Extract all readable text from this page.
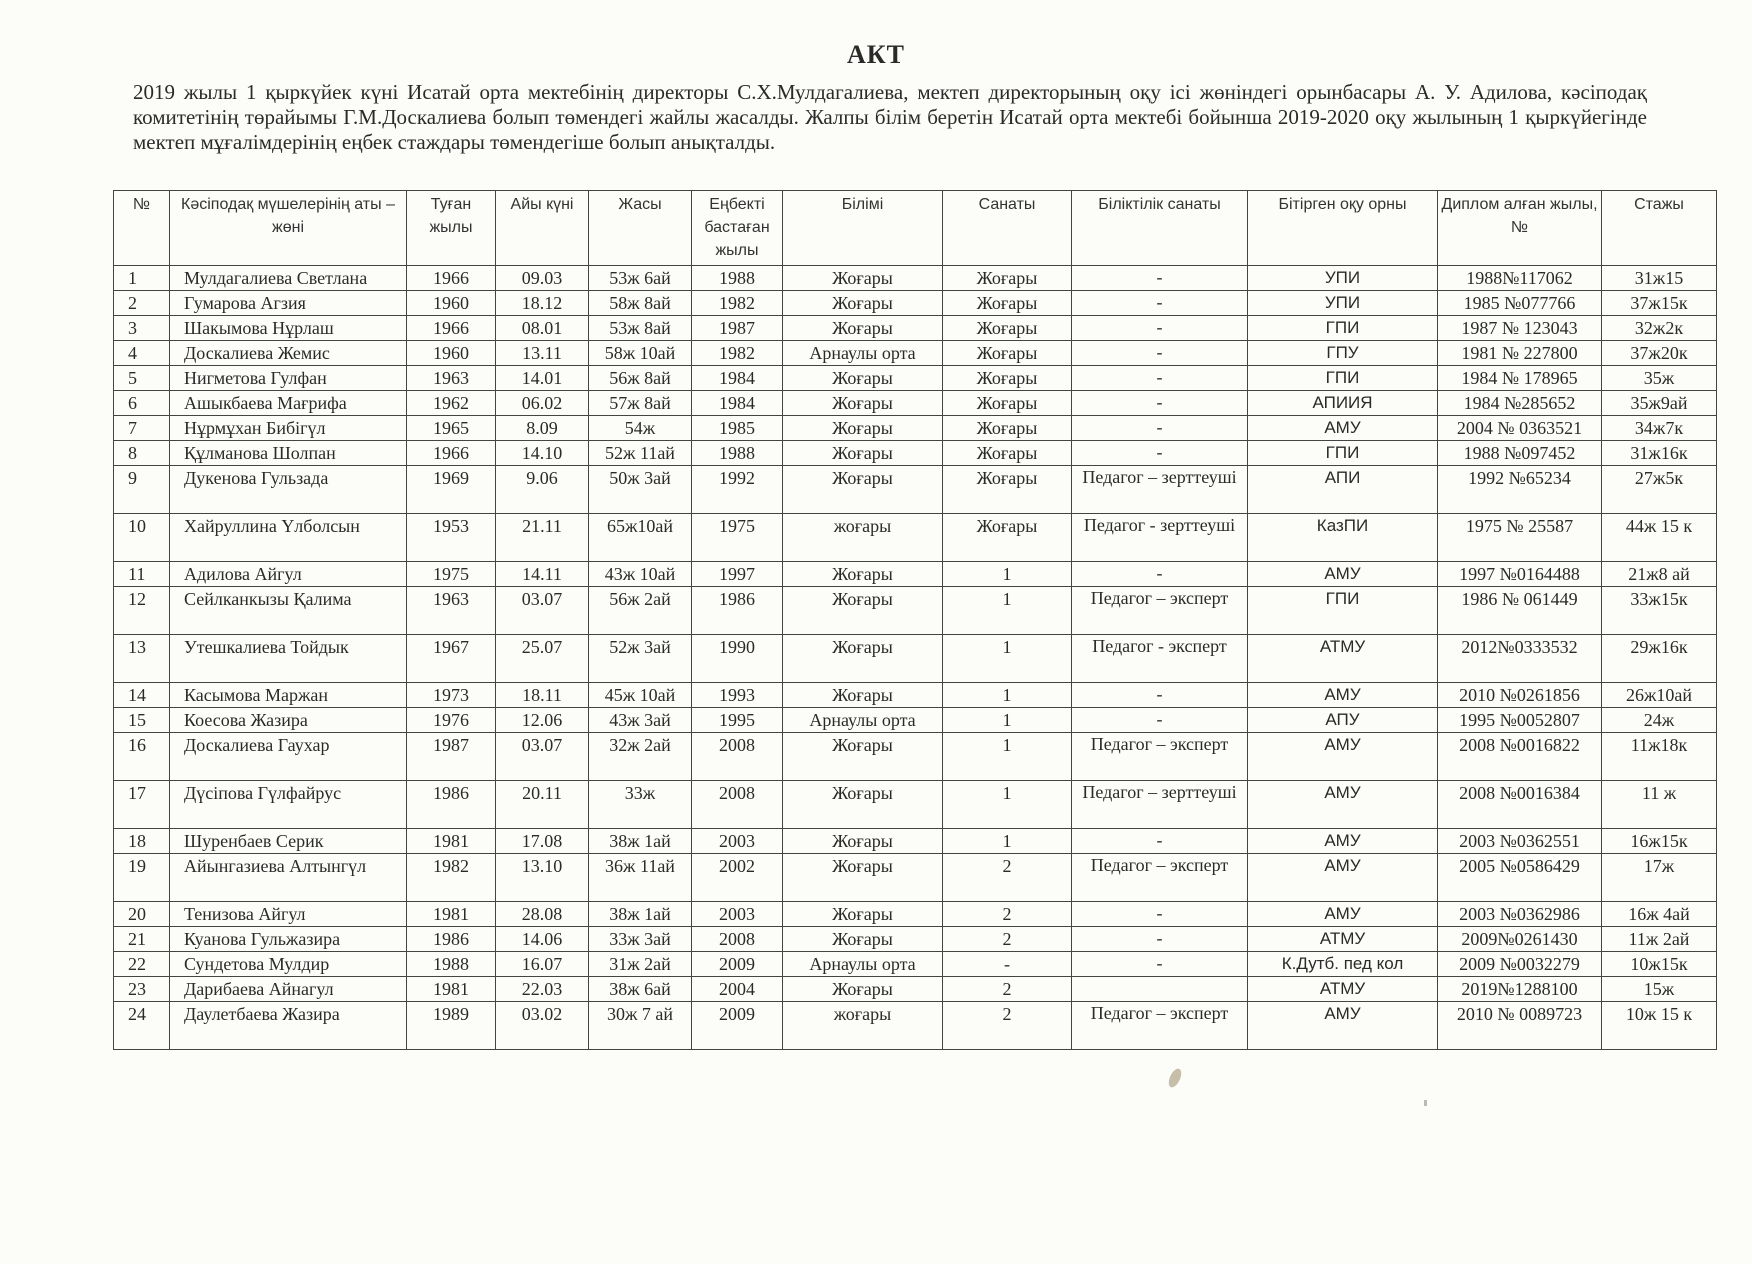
АКТ

2019 жылы 1 қыркүйек күні Исатай орта мектебінің директоры С.Х.Мулдагалиева, мектеп директорының оқу ісі жөніндегі орынбасары А. У. Адилова, кәсіподақ комитетінің төрайымы Г.М.Доскалиева болып төмендегі жайлы жасалды. Жалпы білім беретін Исатай орта мектебі бойынша 2019-2020 оқу жылының 1 қыркүйегінде мектеп мұғалімдерінің еңбек стаждары төмендегіше болып анықталды.

№	Кәсіподақ мүшелерінің аты – жөні	Туған жылы	Айы күні	Жасы	Еңбекті бастаған жылы	Білімі	Санаты	Біліктілік санаты	Бітірген оқу орны	Диплом алған жылы, №	Стажы
1	Мулдагалиева Светлана	1966	09.03	53ж 6ай	1988	Жоғары	Жоғары	-	УПИ	1988№117062	31ж15
2	Гумарова Агзия	1960	18.12	58ж 8ай	1982	Жоғары	Жоғары	-	УПИ	1985 №077766	37ж15к
3	Шакымова Нұрлаш	1966	08.01	53ж 8ай	1987	Жоғары	Жоғары	-	ГПИ	1987 № 123043	32ж2к
4	Доскалиева Жемис	1960	13.11	58ж 10ай	1982	Арнаулы орта	Жоғары	-	ГПУ	1981 № 227800	37ж20к
5	Нигметова Гулфан	1963	14.01	56ж 8ай	1984	Жоғары	Жоғары	-	ГПИ	1984 № 178965	35ж
6	Ашыкбаева Мағрифа	1962	06.02	57ж 8ай	1984	Жоғары	Жоғары	-	АПИИЯ	1984 №285652	35ж9ай
7	Нұрмұхан Бибігүл	1965	8.09	54ж	1985	Жоғары	Жоғары	-	АМУ	2004 № 0363521	34ж7к
8	Құлманова Шолпан	1966	14.10	52ж 11ай	1988	Жоғары	Жоғары	-	ГПИ	1988 №097452	31ж16к
9	Дукенова Гульзада	1969	9.06	50ж 3ай	1992	Жоғары	Жоғары	Педагог – зерттеуші	АПИ	1992 №65234	27ж5к
10	Хайруллина Үлболсын	1953	21.11	65ж10ай	1975	жоғары	Жоғары	Педагог - зерттеуші	КазПИ	1975 № 25587	44ж 15 к
11	Адилова Айгул	1975	14.11	43ж 10ай	1997	Жоғары	1	-	АМУ	1997 №0164488	21ж8 ай
12	Сейлканкызы Қалима	1963	03.07	56ж 2ай	1986	Жоғары	1	Педагог – эксперт	ГПИ	1986 № 061449	33ж15к
13	Утешкалиева Тойдык	1967	25.07	52ж 3ай	1990	Жоғары	1	Педагог - эксперт	АТМУ	2012№0333532	29ж16к
14	Касымова Маржан	1973	18.11	45ж 10ай	1993	Жоғары	1	-	АМУ	2010 №0261856	26ж10ай
15	Коесова Жазира	1976	12.06	43ж 3ай	1995	Арнаулы орта	1	-	АПУ	1995 №0052807	24ж
16	Доскалиева Гаухар	1987	03.07	32ж 2ай	2008	Жоғары	1	Педагог – эксперт	АМУ	2008 №0016822	11ж18к
17	Дүсіпова Гүлфайрус	1986	20.11	33ж	2008	Жоғары	1	Педагог – зерттеуші	АМУ	2008 №0016384	11 ж
18	Шуренбаев Серик	1981	17.08	38ж 1ай	2003	Жоғары	1	-	АМУ	2003 №0362551	16ж15к
19	Айынгазиева Алтынгүл	1982	13.10	36ж 11ай	2002	Жоғары	2	Педагог – эксперт	АМУ	2005 №0586429	17ж
20	Тенизова Айгул	1981	28.08	38ж 1ай	2003	Жоғары	2	-	АМУ	2003 №0362986	16ж 4ай
21	Куанова Гульжазира	1986	14.06	33ж 3ай	2008	Жоғары	2	-	АТМУ	2009№0261430	11ж 2ай
22	Сундетова Мулдир	1988	16.07	31ж 2ай	2009	Арнаулы орта	-	-	К.Дутб. пед кол	2009 №0032279	10ж15к
23	Дарибаева Айнагул	1981	22.03	38ж 6ай	2004	Жоғары	2		АТМУ	2019№1288100	15ж
24	Даулетбаева Жазира	1989	03.02	30ж 7 ай	2009	жоғары	2	Педагог – эксперт	АМУ	2010 № 0089723	10ж 15 к
